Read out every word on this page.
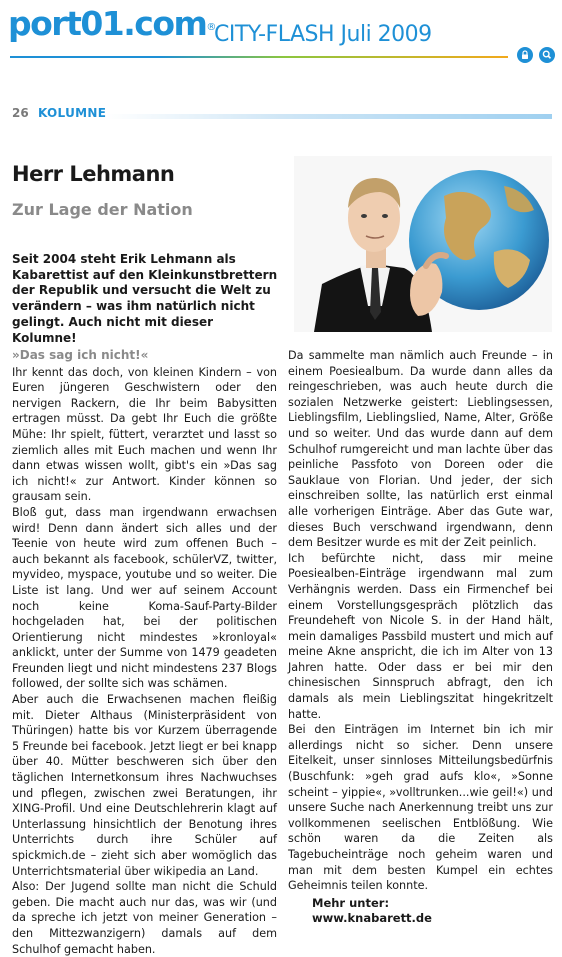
port01.com®
CITY-FLASH Juli 2009
26 KOLUMNE
Herr Lehmann
Zur Lage der Nation
Seit 2004 steht Erik Lehmann als Kabarettist auf den Kleinkunstbrettern der Republik und versucht die Welt zu verändern – was ihm natürlich nicht gelingt. Auch nicht mit dieser Kolumne!

»Das sag ich nicht!«

Ihr kennt das doch, von kleinen Kindern – von Euren jüngeren Geschwistern oder den nervigen Rackern, die Ihr beim Babysitten ertragen müsst. Da gebt Ihr Euch die größte Mühe: Ihr spielt, füttert, verarztet und lasst so ziemlich alles mit Euch machen und wenn Ihr dann etwas wissen wollt, gibt's ein »Das sag ich nicht!« zur Antwort. Kinder können so grausam sein.

Bloß gut, dass man irgendwann erwachsen wird! Denn dann ändert sich alles und der Teenie von heute wird zum offenen Buch – auch bekannt als facebook, schülerVZ, twitter, myvideo, myspace, youtube und so weiter. Die Liste ist lang. Und wer auf seinem Account noch keine Koma-Sauf-Party-Bilder hochgeladen hat, bei der politischen Orientierung nicht mindestes »kronloyal« anklickt, unter der Summe von 1479 geadeten Freunden liegt und nicht mindestens 237 Blogs followed, der sollte sich was schämen.

Aber auch die Erwachsenen machen fleißig mit. Dieter Althaus (Ministerpräsident von Thüringen) hatte bis vor Kurzem überragende 5 Freunde bei facebook. Jetzt liegt er bei knapp über 40. Mütter beschweren sich über den täglichen Internetkonsum ihres Nachwuchses und pflegen, zwischen zwei Beratungen, ihr XING-Profil. Und eine Deutschlehrerin klagt auf Unterlassung hinsichtlich der Benotung ihres Unterrichts durch ihre Schüler auf spickmich.de – zieht sich aber womöglich das Unterrichtsmaterial über wikipedia an Land.

Also: Der Jugend sollte man nicht die Schuld geben. Die macht auch nur das, was wir (und da spreche ich jetzt von meiner Generation – den Mittezwanzigern) damals auf dem Schulhof gemacht haben.

Da sammelte man nämlich auch Freunde – in einem Poesiealbum. Da wurde dann alles da reingeschrieben, was auch heute durch die sozialen Netzwerke geistert: Lieblingsessen, Lieblingsfilm, Lieblingslied, Name, Alter, Größe und so weiter. Und das wurde dann auf dem Schulhof rumgereicht und man lachte über das peinliche Passfoto von Doreen oder die Sauklaue von Florian. Und jeder, der sich einschreiben sollte, las natürlich erst einmal alle vorherigen Einträge. Aber das Gute war, dieses Buch verschwand irgendwann, denn dem Besitzer wurde es mit der Zeit peinlich.

Ich befürchte nicht, dass mir meine Poesiealben-Einträge irgendwann mal zum Verhängnis werden. Dass ein Firmenchef bei einem Vorstellungsgespräch plötzlich das Freundeheft von Nicole S. in der Hand hält, mein damaliges Passbild mustert und mich auf meine Akne anspricht, die ich im Alter von 13 Jahren hatte. Oder dass er bei mir den chinesischen Sinnspruch abfragt, den ich damals als mein Lieblingszitat hingekritzelt hatte.

Bei den Einträgen im Internet bin ich mir allerdings nicht so sicher. Denn unsere Eitelkeit, unser sinnloses Mitteilungsbedürfnis (Buschfunk: »geh grad aufs klo«, »Sonne scheint – yippie«, »volltrunken...wie geil!«) und unsere Suche nach Anerkennung treibt uns zur vollkommenen seelischen Entblößung. Wie schön waren da die Zeiten als Tagebucheinträge noch geheim waren und man mit dem besten Kumpel ein echtes Geheimnis teilen konnte.

Mehr unter:
www.knabarett.de
